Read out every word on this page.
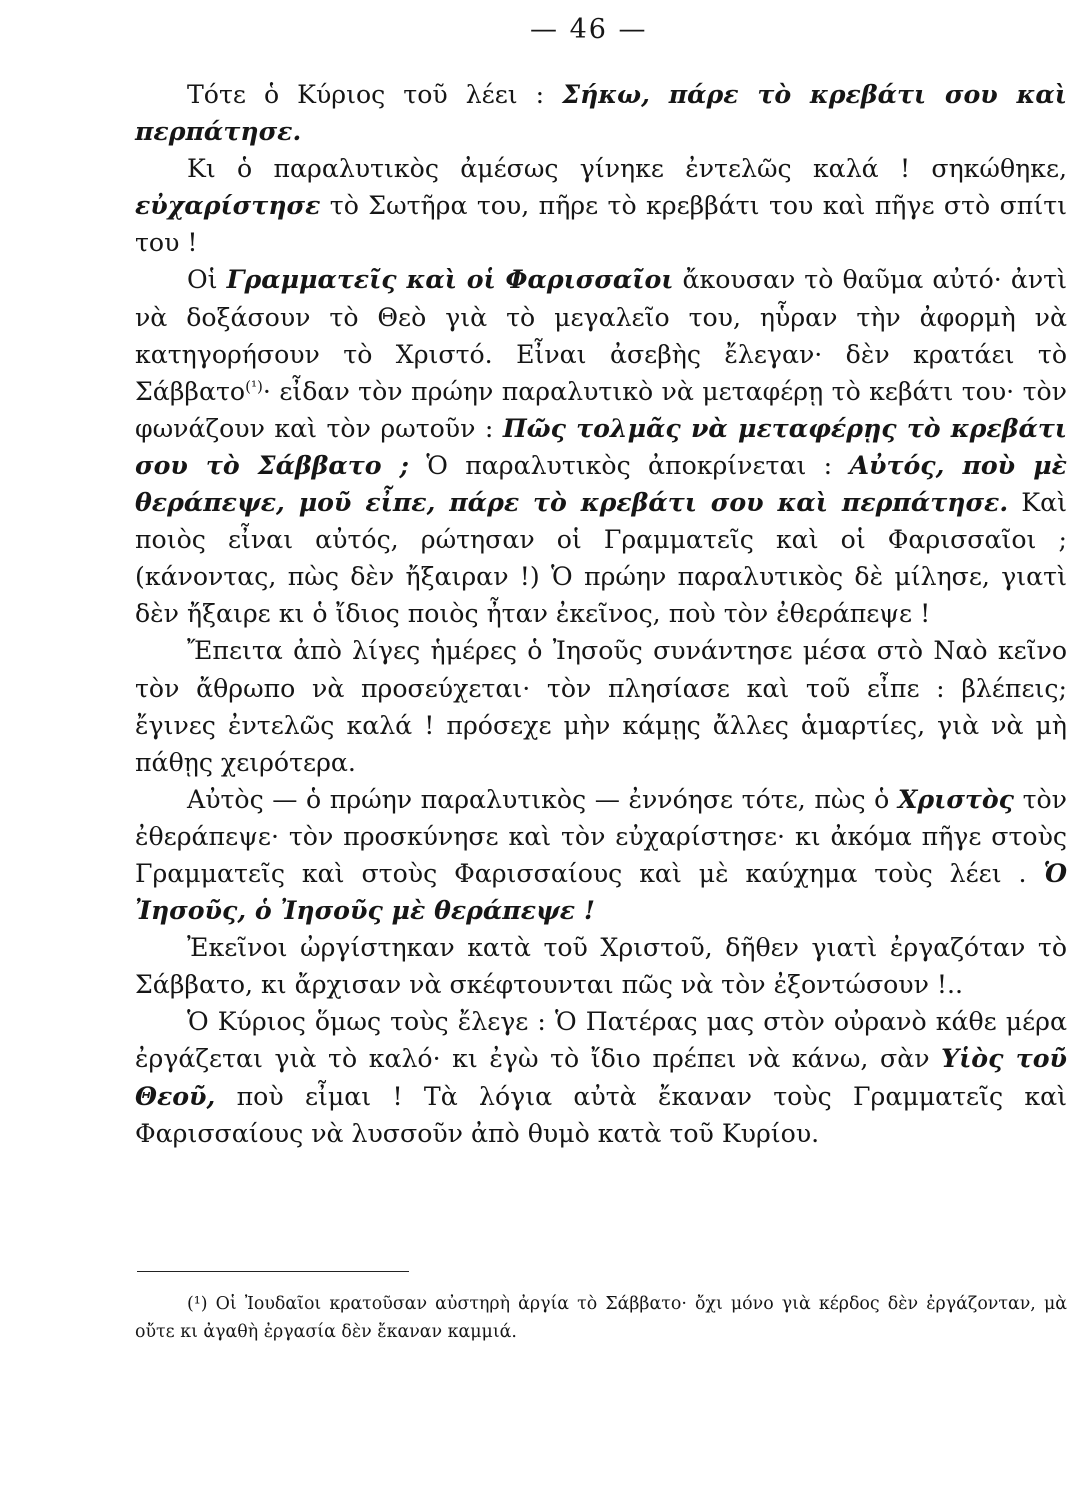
— 46 —

Τότε ὁ Κύριος τοῦ λέει : Σήκω, πάρε τὸ κρεβάτι σου καὶ περπάτησε.

Κι ὁ παραλυτικὸς ἀμέσως γίνηκε ἐντελῶς καλά ! σηκώθηκε, εὐχαρίστησε τὸ Σωτῆρα του, πῆρε τὸ κρεββάτι του καὶ πῆγε στὸ σπίτι του !

Οἱ Γραμματεῖς καὶ οἱ Φαρισσαῖοι ἄκουσαν τὸ θαῦμα αὐτό· ἀντὶ νὰ δοξάσουν τὸ Θεὸ γιὰ τὸ μεγαλεῖο του, ηὗραν τὴν ἀφορμὴ νὰ κατηγορήσουν τὸ Χριστό. Εἶναι ἀσεβὴς ἔλεγαν· δὲν κρατάει τὸ Σάββατο$^{(^1)}$· εἶδαν τὸν πρώην παραλυτικὸ νὰ μεταφέρῃ τὸ κεβάτι του· τὸν φωνάζουν καὶ τὸν ρωτοῦν : Πῶς τολμᾶς νὰ μεταφέρῃς τὸ κρεβάτι σου τὸ Σάββατο ; Ὁ παραλυτικὸς ἀποκρίνεται : Αὐτός, ποὺ μὲ θεράπεψε, μοῦ εἶπε, πάρε τὸ κρεβάτι σου καὶ περπάτησε. Καὶ ποιὸς εἶναι αὐτός, ρώτησαν οἱ Γραμματεῖς καὶ οἱ Φαρισσαῖοι ; (κάνοντας, πὼς δὲν ἤξαιραν !) Ὁ πρώην παραλυτικὸς δὲ μίλησε, γιατὶ δὲν ἤξαιρε κι ὁ ἴδιος ποιὸς ἦταν ἐκεῖνος, ποὺ τὸν ἐθεράπεψε !

Ἔπειτα ἀπὸ λίγες ἡμέρες ὁ Ἰησοῦς συνάντησε μέσα στὸ Ναὸ κεῖνο τὸν ἄθρωπο νὰ προσεύχεται· τὸν πλησίασε καὶ τοῦ εἶπε : βλέπεις; ἔγινες ἐντελῶς καλά ! πρόσεχε μὴν κάμῃς ἄλλες ἁμαρτίες, γιὰ νὰ μὴ πάθῃς χειρότερα.

Αὐτὸς — ὁ πρώην παραλυτικὸς — ἐννόησε τότε, πὼς ὁ Χριστὸς τὸν ἐθεράπεψε· τὸν προσκύνησε καὶ τὸν εὐχαρίστησε· κι ἀκόμα πῆγε στοὺς Γραμματεῖς καὶ στοὺς Φαρισσαίους καὶ μὲ καύχημα τοὺς λέει . Ὁ Ἰησοῦς, ὁ Ἰησοῦς μὲ θεράπεψε !

Ἐκεῖνοι ὠργίστηκαν κατὰ τοῦ Χριστοῦ, δῆθεν γιατὶ ἐργαζόταν τὸ Σάββατο, κι ἄρχισαν νὰ σκέφτουνται πῶς νὰ τὸν ἐξοντώσουν !..

Ὁ Κύριος ὅμως τοὺς ἔλεγε : Ὁ Πατέρας μας στὸν οὐρανὸ κάθε μέρα ἐργάζεται γιὰ τὸ καλό· κι ἐγὼ τὸ ἴδιο πρέπει νὰ κάνω, σὰν Υἱὸς τοῦ Θεοῦ, ποὺ εἶμαι ! Τὰ λόγια αὐτὰ ἔκαναν τοὺς Γραμματεῖς καὶ Φαρισσαίους νὰ λυσσοῦν ἀπὸ θυμὸ κατὰ τοῦ Κυρίου.

(¹) Οἱ Ἰουδαῖοι κρατοῦσαν αὐστηρὴ ἀργία τὸ Σάββατο· ὄχι μόνο γιὰ κέρδος δὲν ἐργάζονταν, μὰ οὔτε κι ἀγαθὴ ἐργασία δὲν ἔκαναν καμμιά.
